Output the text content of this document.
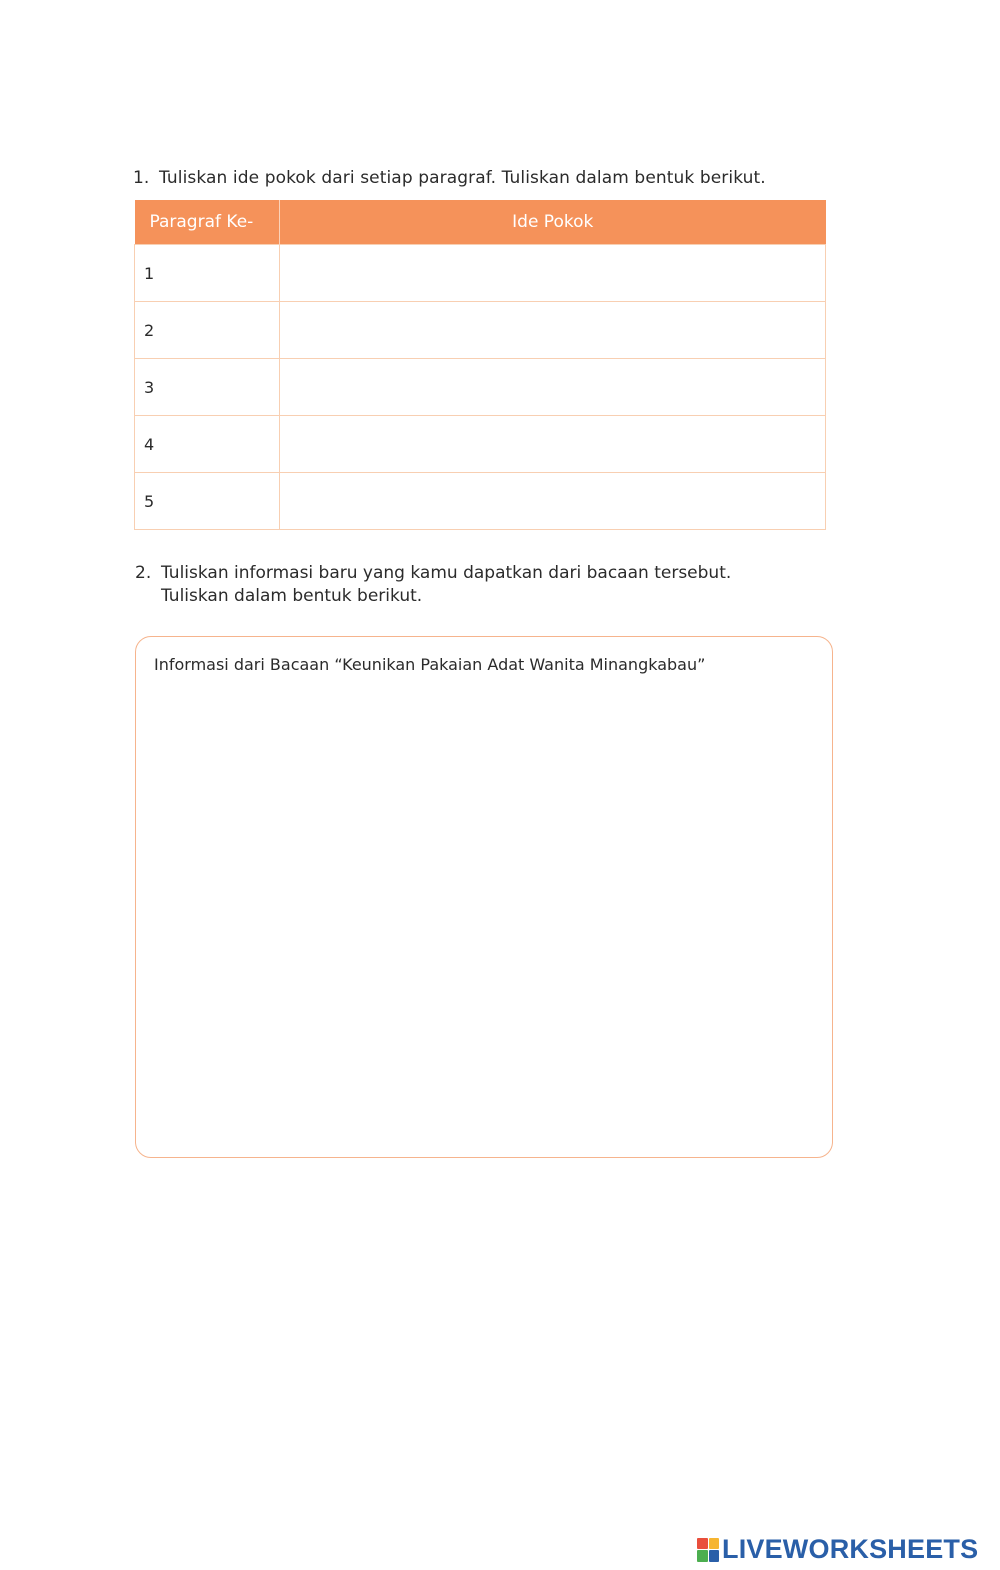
1. Tuliskan ide pokok dari setiap paragraf. Tuliskan dalam bentuk berikut.
Paragraf Ke-	Ide Pokok
1	
2	
3	
4	
5	
2. Tuliskan informasi baru yang kamu dapatkan dari bacaan tersebut.
Tuliskan dalam bentuk berikut.
Informasi dari Bacaan “Keunikan Pakaian Adat Wanita Minangkabau”
LIVEWORKSHEETS
